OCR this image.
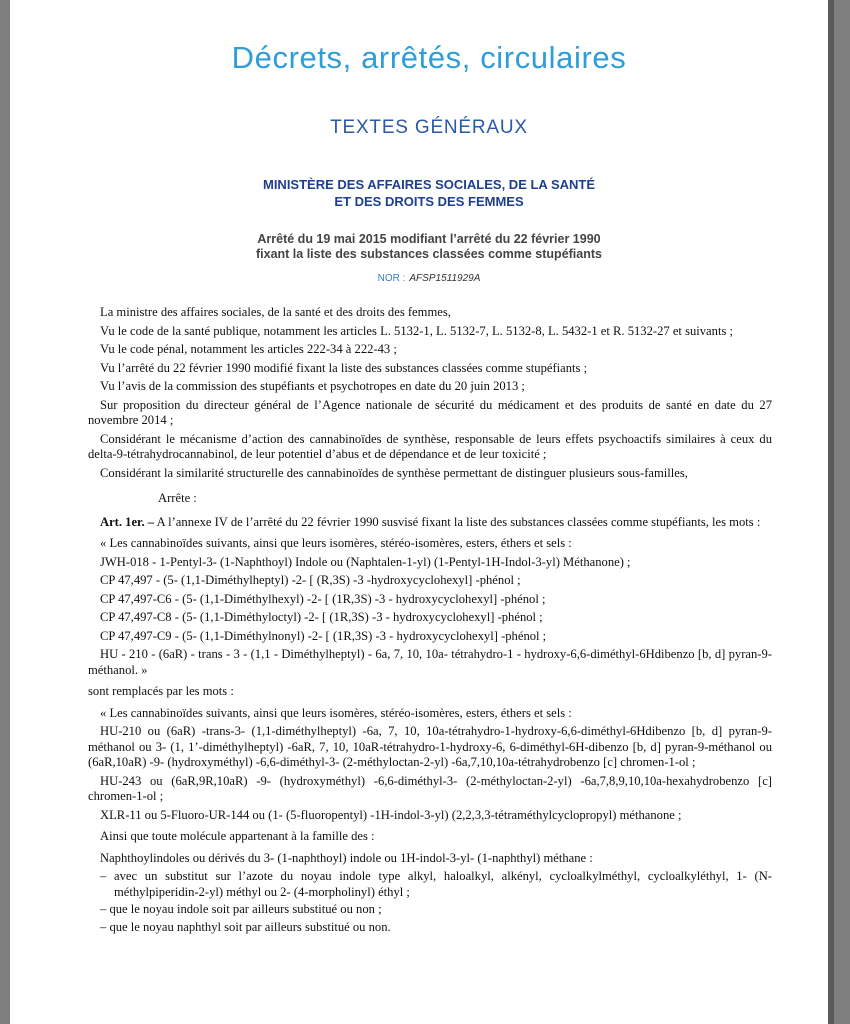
Décrets, arrêtés, circulaires
TEXTES GÉNÉRAUX
MINISTÈRE DES AFFAIRES SOCIALES, DE LA SANTÉ
ET DES DROITS DES FEMMES
Arrêté du 19 mai 2015 modifiant l’arrêté du 22 février 1990
fixant la liste des substances classées comme stupéfiants
NOR : AFSP1511929A

La ministre des affaires sociales, de la santé et des droits des femmes,

Vu le code de la santé publique, notamment les articles L. 5132-1, L. 5132-7, L. 5132-8, L. 5432-1 et R. 5132-27 et suivants ;

Vu le code pénal, notamment les articles 222-34 à 222-43 ;

Vu l’arrêté du 22 février 1990 modifié fixant la liste des substances classées comme stupéfiants ;

Vu l’avis de la commission des stupéfiants et psychotropes en date du 20 juin 2013 ;

Sur proposition du directeur général de l’Agence nationale de sécurité du médicament et des produits de santé en date du 27 novembre 2014 ;

Considérant le mécanisme d’action des cannabinoïdes de synthèse, responsable de leurs effets psychoactifs similaires à ceux du delta-9-tétrahydrocannabinol, de leur potentiel d’abus et de dépendance et de leur toxicité ;

Considérant la similarité structurelle des cannabinoïdes de synthèse permettant de distinguer plusieurs sous-familles,

Arrête :

Art. 1er. – A l’annexe IV de l’arrêté du 22 février 1990 susvisé fixant la liste des substances classées comme stupéfiants, les mots :

« Les cannabinoïdes suivants, ainsi que leurs isomères, stéréo-isomères, esters, éthers et sels :

JWH-018 - 1-Pentyl-3- (1-Naphthoyl) Indole ou (Naphtalen-1-yl) (1-Pentyl-1H-Indol-3-yl) Méthanone) ;

CP 47,497 - (5- (1,1-Diméthylheptyl) -2- [ (R,3S) -3 -hydroxycyclohexyl] -phénol ;

CP 47,497-C6 - (5- (1,1-Diméthylhexyl) -2- [ (1R,3S) -3 - hydroxycyclohexyl] -phénol ;

CP 47,497-C8 - (5- (1,1-Diméthyloctyl) -2- [ (1R,3S) -3 - hydroxycyclohexyl] -phénol ;

CP 47,497-C9 - (5- (1,1-Diméthylnonyl) -2- [ (1R,3S) -3 - hydroxycyclohexyl] -phénol ;

HU - 210 - (6aR) - trans - 3 - (1,1 - Diméthylheptyl) - 6a, 7, 10, 10a- tétrahydro-1 - hydroxy-6,6-diméthyl-6Hdibenzo [b, d] pyran-9-méthanol. »

sont remplacés par les mots :

« Les cannabinoïdes suivants, ainsi que leurs isomères, stéréo-isomères, esters, éthers et sels :

HU-210 ou (6aR) -trans-3- (1,1-diméthylheptyl) -6a, 7, 10, 10a-tétrahydro-1-hydroxy-6,6-diméthyl-6Hdibenzo [b, d] pyran-9-méthanol ou 3- (1, 1’-diméthylheptyl) -6aR, 7, 10, 10aR-tétrahydro-1-hydroxy-6, 6-diméthyl-6H-dibenzo [b, d] pyran-9-méthanol ou (6aR,10aR) -9- (hydroxyméthyl) -6,6-diméthyl-3- (2-méthyloctan-2-yl) -6a,7,10,10a-tétrahydrobenzo [c] chromen-1-ol ;

HU-243 ou (6aR,9R,10aR) -9- (hydroxyméthyl) -6,6-diméthyl-3- (2-méthyloctan-2-yl) -6a,7,8,9,10,10a-hexahydrobenzo [c] chromen-1-ol ;

XLR-11 ou 5-Fluoro-UR-144 ou (1- (5-fluoropentyl) -1H-indol-3-yl) (2,2,3,3-tétraméthylcyclopropyl) méthanone ;

Ainsi que toute molécule appartenant à la famille des :

Naphthoylindoles ou dérivés du 3- (1-naphthoyl) indole ou 1H-indol-3-yl- (1-naphthyl) méthane :

– avec un substitut sur l’azote du noyau indole type alkyl, haloalkyl, alkényl, cycloalkylméthyl, cycloalkyléthyl, 1- (N-méthylpiperidin-2-yl) méthyl ou 2- (4-morpholinyl) éthyl ;
– que le noyau indole soit par ailleurs substitué ou non ;
– que le noyau naphthyl soit par ailleurs substitué ou non.
